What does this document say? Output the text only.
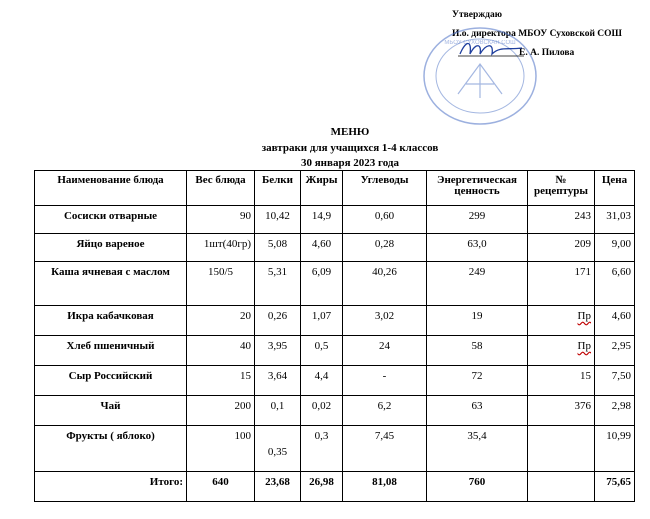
Утверждаю
И.о. директора МБОУ Суховской СОШ
Е. А. Пилова
МБОУ СУХОВСКАЯ СОШ
МЕНЮ
завтраки для учащихся 1-4 классов
30 января 2023 года
Наименование блюда	Вес блюда	Белки	Жиры	Углеводы	Энергетическая ценность	№ рецептуры	Цена
Сосиски отварные	90	10,42	14,9	0,60	299	243	31,03
Яйцо вареное	1шт(40гр)	5,08	4,60	0,28	63,0	209	9,00
Каша ячневая с маслом	150/5	5,31	6,09	40,26	249	171	6,60
Икра кабачковая	20	0,26	1,07	3,02	19	Пр	4,60
Хлеб пшеничный	40	3,95	0,5	24	58	Пр	2,95
Сыр Российский	15	3,64	4,4	-	72	15	7,50
Чай	200	0,1	0,02	6,2	63	376	2,98
Фрукты ( яблоко)	100	0,35	0,3	7,45	35,4		10,99
Итого:	640	23,68	26,98	81,08	760		75,65
